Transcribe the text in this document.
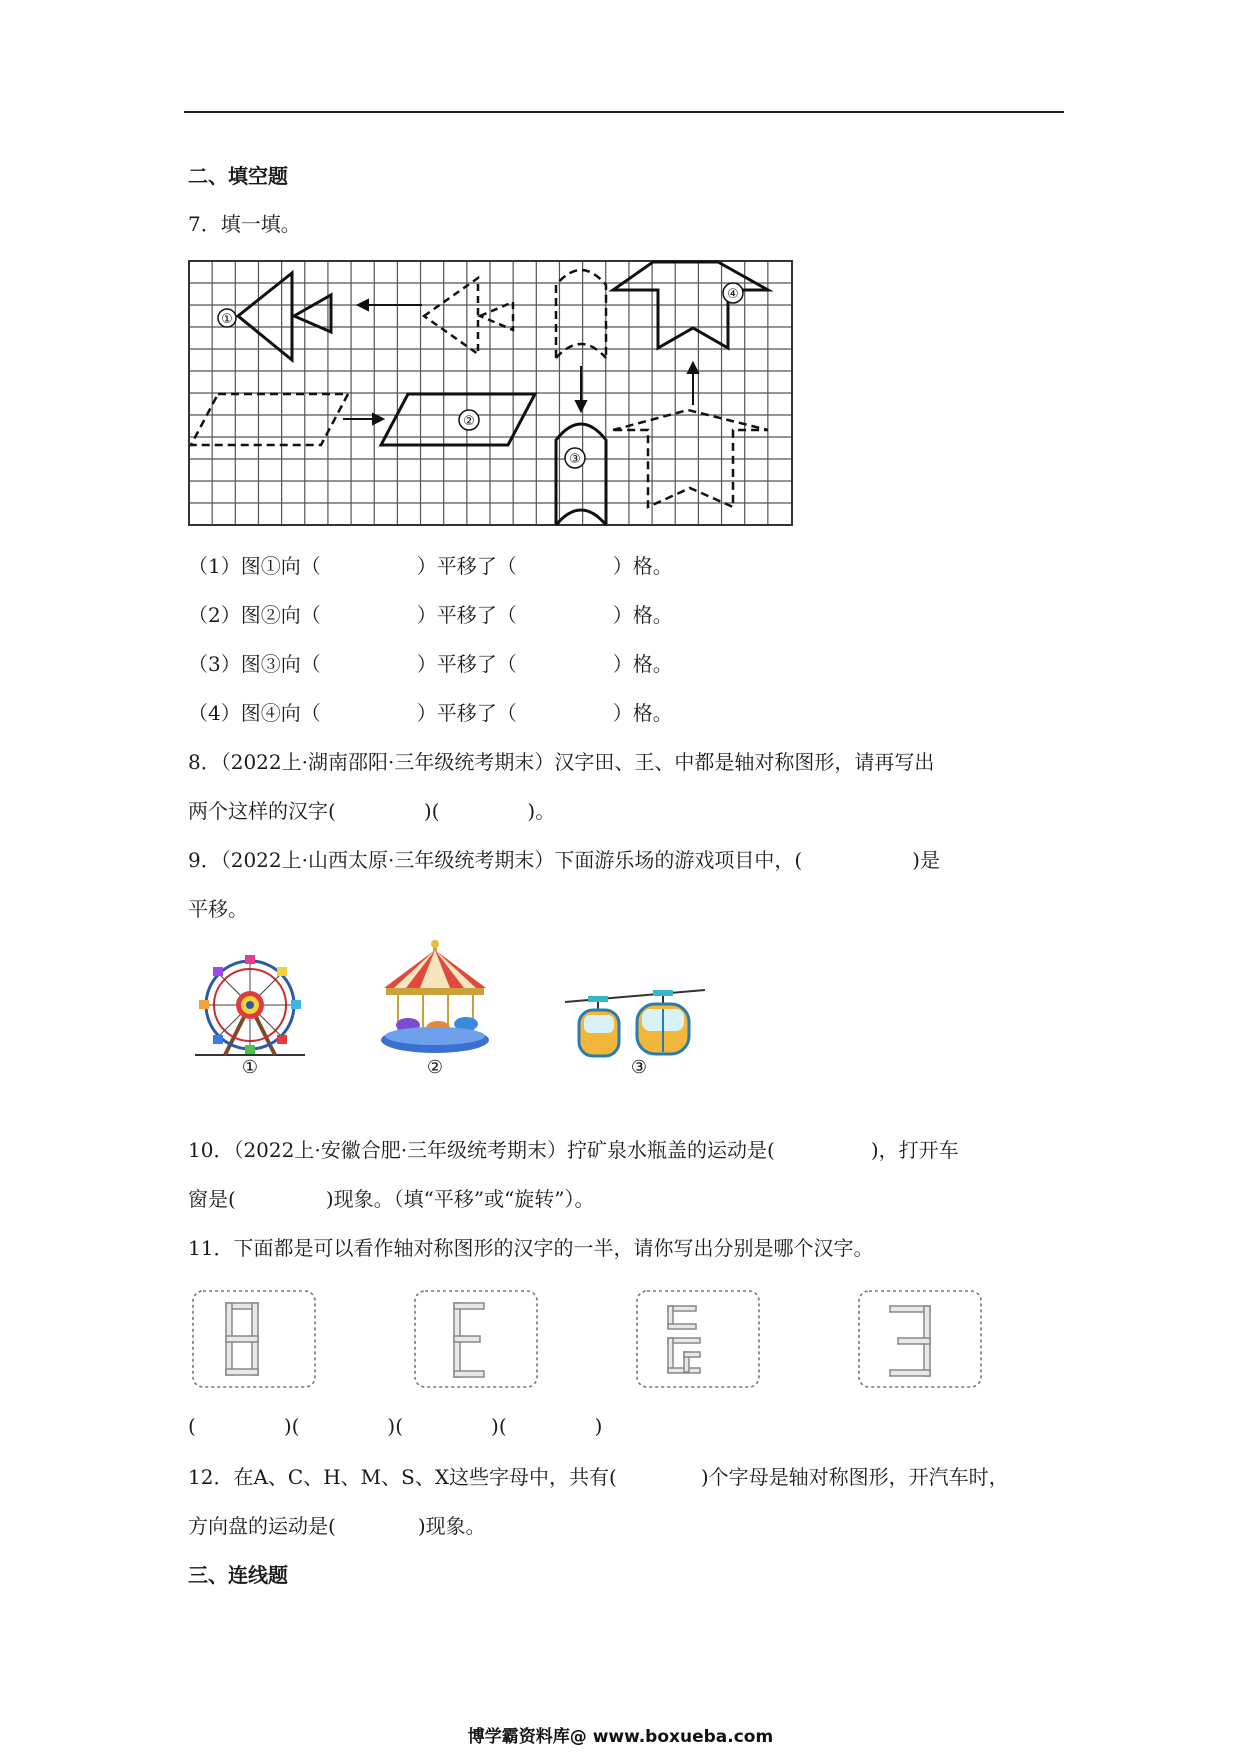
二、填空题
7．填一填。
①
②
③
④
（1）图①向（	）平移了（	）格。
（2）图②向（	）平移了（	）格。
（3）图③向（	）平移了（	）格。
（4）图④向（	）平移了（	）格。
8．（2022上·湖南邵阳·三年级统考期末）汉字田、王、中都是轴对称图形，请再写出
两个这样的汉字(	)(	)。
9．（2022上·山西太原·三年级统考期末）下面游乐场的游戏项目中，(	)是
平移。
①	②	③
10．（2022上·安徽合肥·三年级统考期末）拧矿泉水瓶盖的运动是(	)，打开车
窗是(	)现象。（填“平移”或“旋转”）。
11．下面都是可以看作轴对称图形的汉字的一半，请你写出分别是哪个汉字。
(	)(	)(	)(	)
12．在A、C、H、M、S、X这些字母中，共有(	)个字母是轴对称图形，开汽车时，
方向盘的运动是(	)现象。
三、连线题
博学霸资料库@ www.boxueba.com
